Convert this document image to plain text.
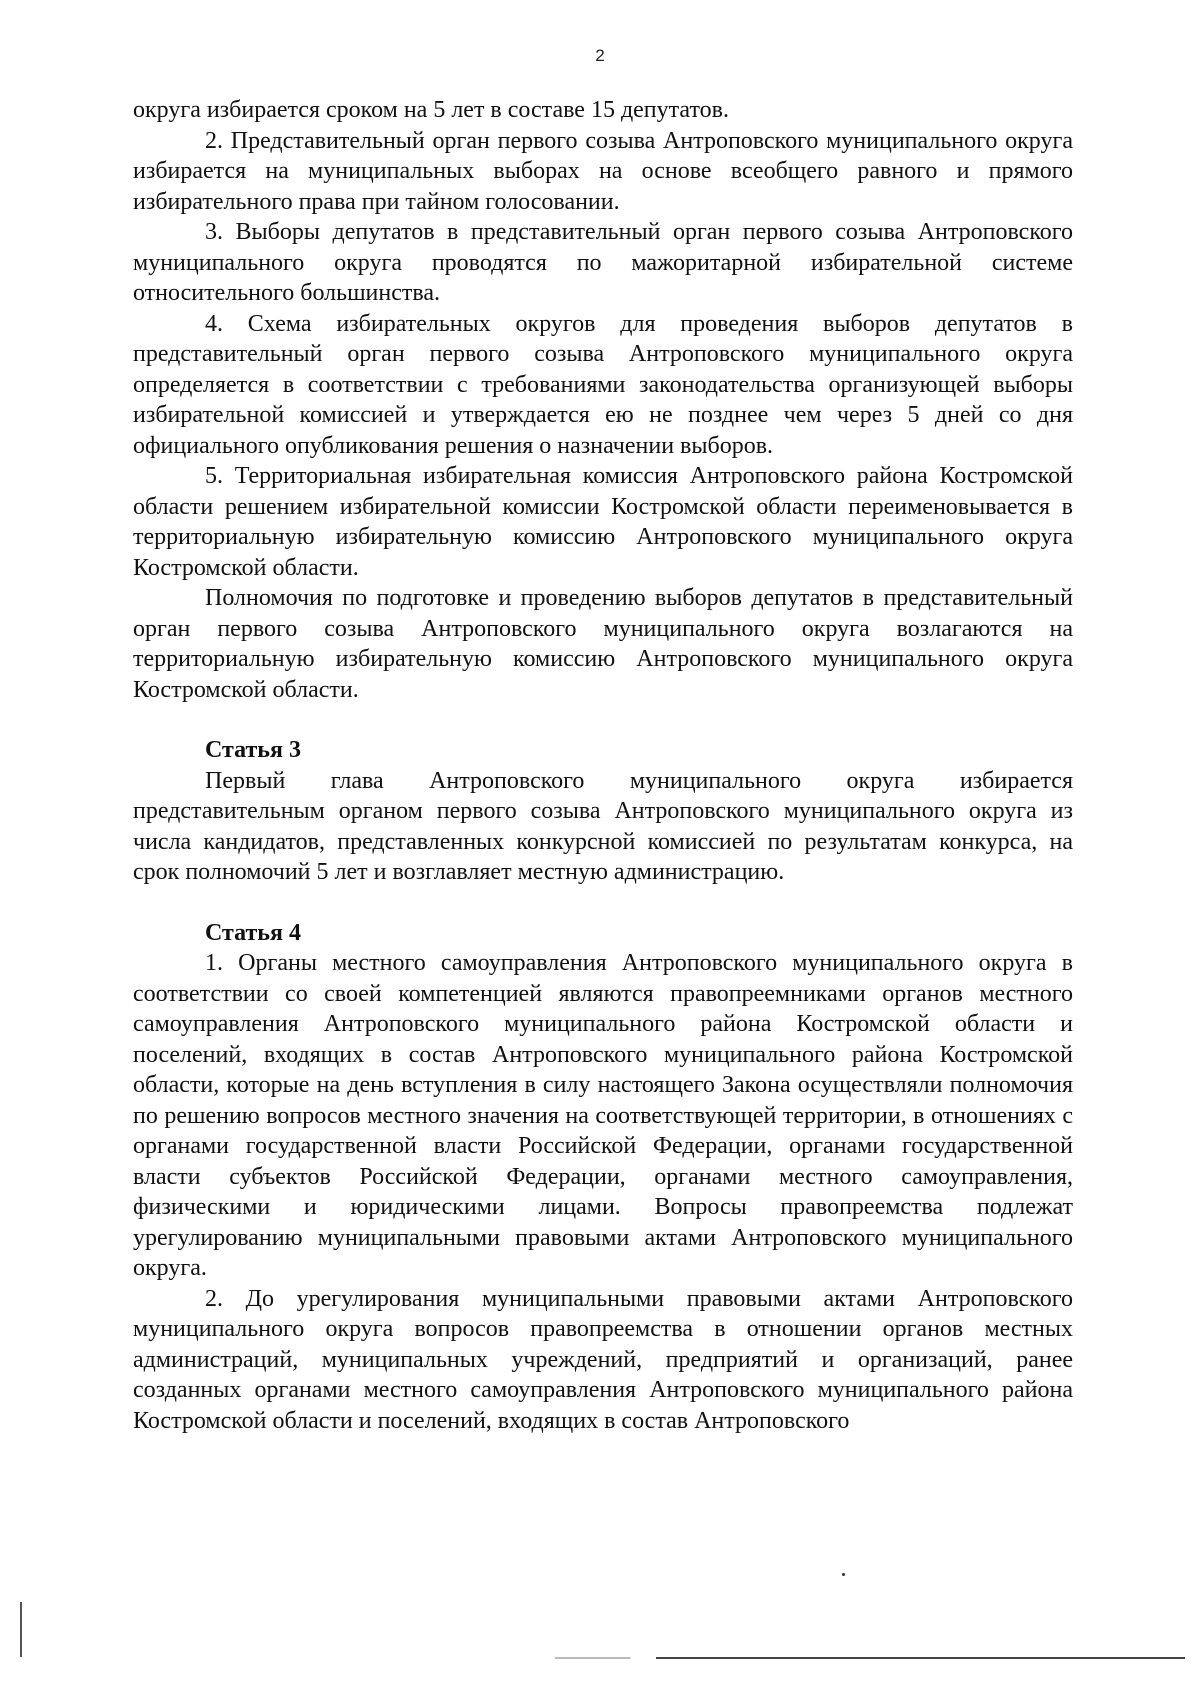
2

округа избирается сроком на 5 лет в составе 15 депутатов.

2. Представительный орган первого созыва Антроповского муниципального округа избирается на муниципальных выборах на основе всеобщего равного и прямого избирательного права при тайном голосовании.

3. Выборы депутатов в представительный орган первого созыва Антроповского муниципального округа проводятся по мажоритарной избирательной системе относительного большинства.

4. Схема избирательных округов для проведения выборов депутатов в представительный орган первого созыва Антроповского муниципального округа определяется в соответствии с требованиями законодательства организующей выборы избирательной комиссией и утверждается ею не позднее чем через 5 дней со дня официального опубликования решения о назначении выборов.

5. Территориальная избирательная комиссия Антроповского района Костромской области решением избирательной комиссии Костромской области переименовывается в территориальную избирательную комиссию Антроповского муниципального округа Костромской области.

Полномочия по подготовке и проведению выборов депутатов в представительный орган первого созыва Антроповского муниципального округа возлагаются на территориальную избирательную комиссию Антроповского муниципального округа Костромской области.

Статья 3

Первый глава Антроповского муниципального округа избирается представительным органом первого созыва Антроповского муниципального округа из числа кандидатов, представленных конкурсной комиссией по результатам конкурса, на срок полномочий 5 лет и возглавляет местную администрацию.

Статья 4

1. Органы местного самоуправления Антроповского муниципального округа в соответствии со своей компетенцией являются правопреемниками органов местного самоуправления Антроповского муниципального района Костромской области и поселений, входящих в состав Антроповского муниципального района Костромской области, которые на день вступления в силу настоящего Закона осуществляли полномочия по решению вопросов местного значения на соответствующей территории, в отношениях с органами государственной власти Российской Федерации, органами государственной власти субъектов Российской Федерации, органами местного самоуправления, физическими и юридическими лицами. Вопросы правопреемства подлежат урегулированию муниципальными правовыми актами Антроповского муниципального округа.

2. До урегулирования муниципальными правовыми актами Антроповского муниципального округа вопросов правопреемства в отношении органов местных администраций, муниципальных учреждений, предприятий и организаций, ранее созданных органами местного самоуправления Антроповского муниципального района Костромской области и поселений, входящих в состав Антроповского
